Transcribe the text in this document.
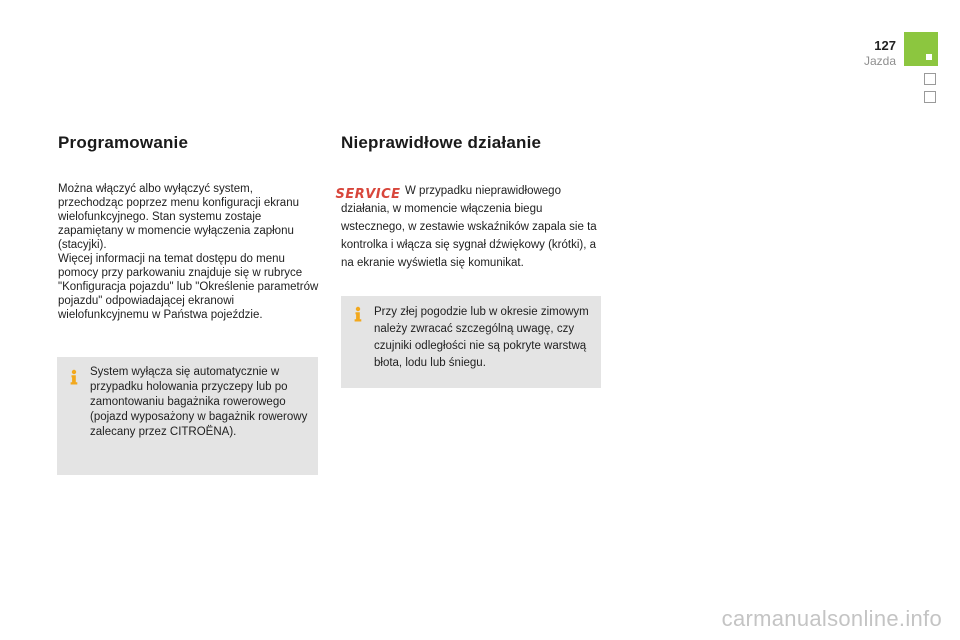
127
Jazda
Programowanie

Można włączyć albo wyłączyć system, przechodząc poprzez menu konfiguracji ekranu wielofunkcyjnego. Stan systemu zostaje zapamiętany w momencie wyłączenia zapłonu (stacyjki).

Więcej informacji na temat dostępu do menu pomocy przy parkowaniu znajduje się w rubryce "Konfiguracja pojazdu" lub "Określenie parametrów pojazdu" odpowiadającej ekranowi wielofunkcyjnemu w Państwa pojeździe.

System wyłącza się automatycznie w przypadku holowania przyczepy lub po zamontowaniu bagażnika rowerowego (pojazd wyposażony w bagażnik rowerowy zalecany przez CITROËNA).

Nieprawidłowe działanie
SERVICE W przypadku nieprawidłowego działania, w momencie włączenia biegu wstecznego, w zestawie wskaźników zapala sie ta kontrolka i włącza się sygnał dźwiękowy (krótki), a na ekranie wyświetla się komunikat.

Przy złej pogodzie lub w okresie zimowym należy zwracać szczególną uwagę, czy czujniki odległości nie są pokryte warstwą błota, lodu lub śniegu.

carmanualsonline.info
